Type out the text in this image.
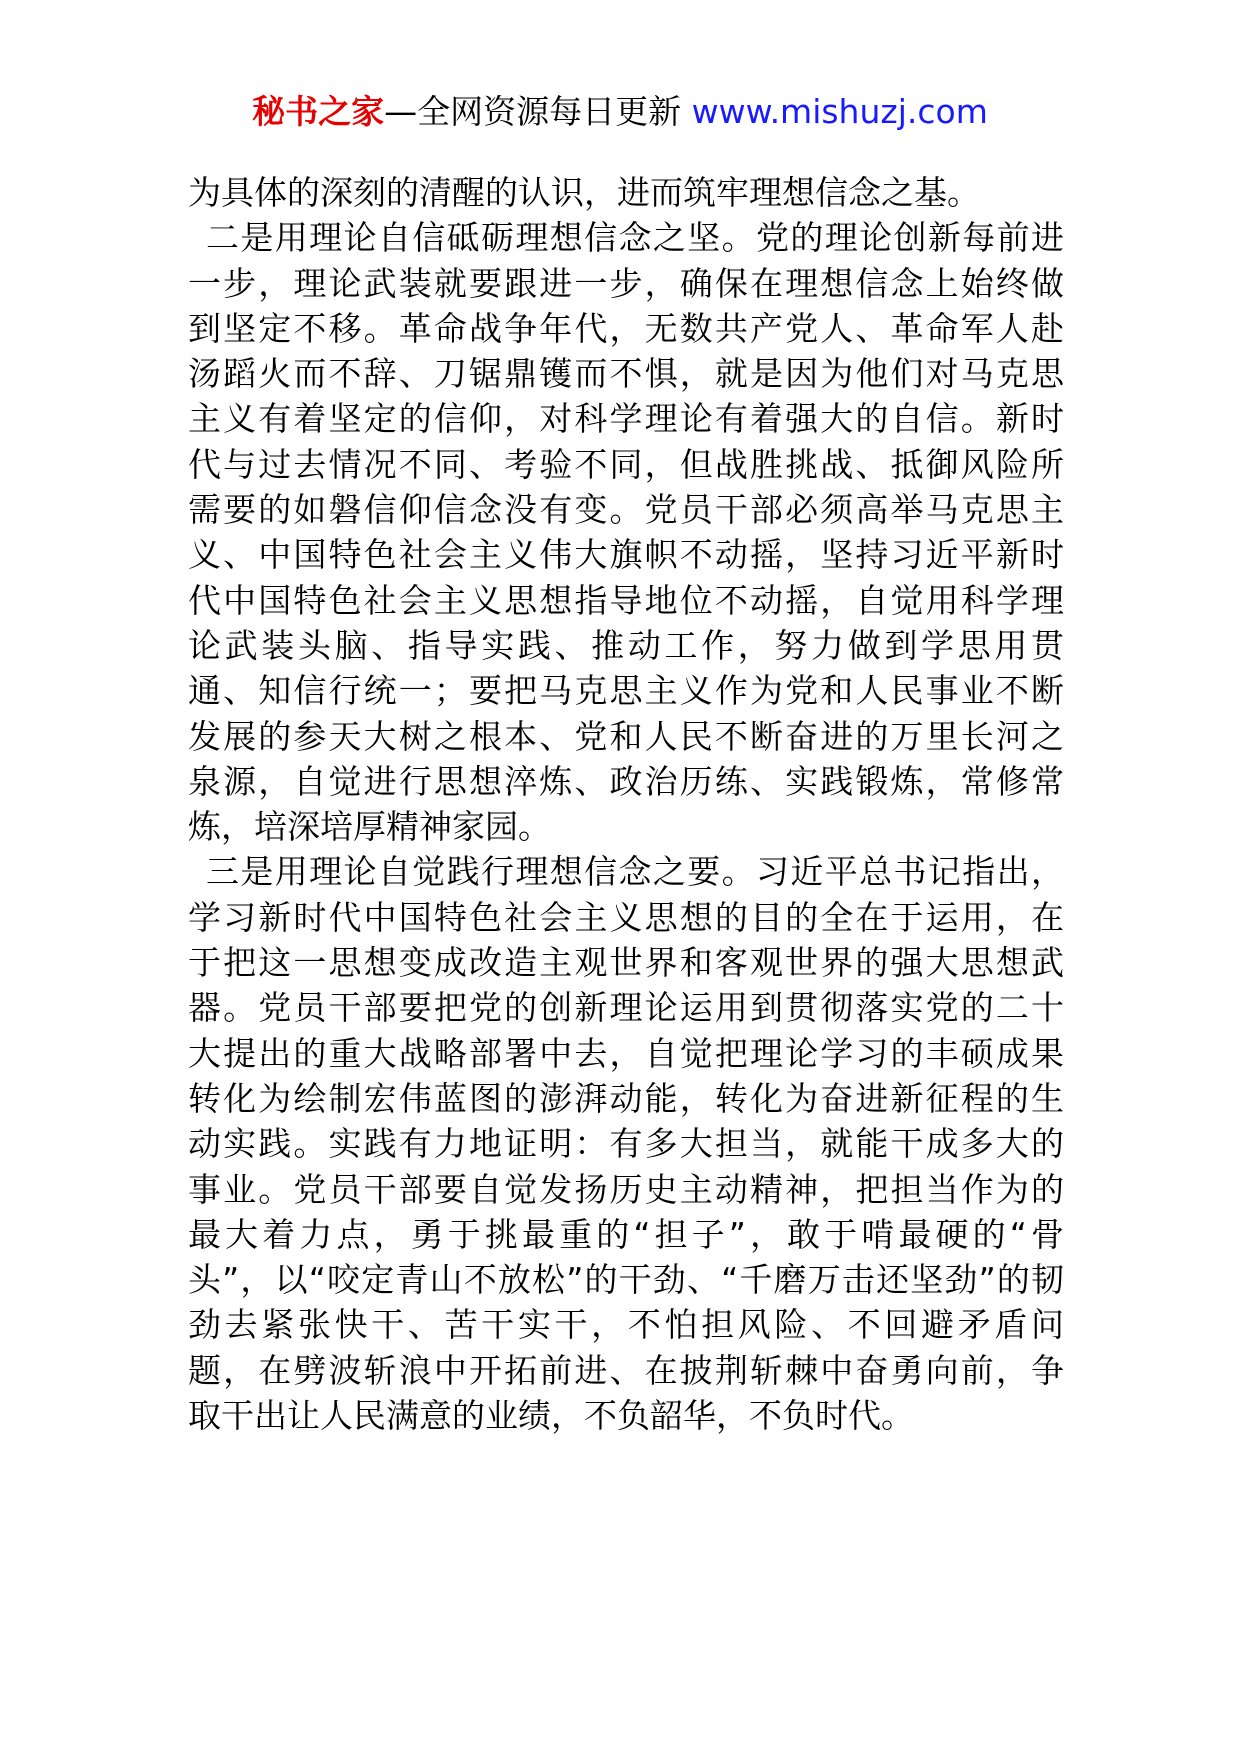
秘书之家—全网资源每日更新 www.mishuzj.com
为具体的深刻的清醒的认识，进而筑牢理想信念之基。
二是用理论自信砥砺理想信念之坚。党的理论创新每前进
一步，理论武装就要跟进一步，确保在理想信念上始终做
到坚定不移。革命战争年代，无数共产党人、革命军人赴
汤蹈火而不辞、刀锯鼎镬而不惧，就是因为他们对马克思
主义有着坚定的信仰，对科学理论有着强大的自信。新时
代与过去情况不同、考验不同，但战胜挑战、抵御风险所
需要的如磐信仰信念没有变。党员干部必须高举马克思主
义、中国特色社会主义伟大旗帜不动摇，坚持习近平新时
代中国特色社会主义思想指导地位不动摇，自觉用科学理
论武装头脑、指导实践、推动工作，努力做到学思用贯
通、知信行统一；要把马克思主义作为党和人民事业不断
发展的参天大树之根本、党和人民不断奋进的万里长河之
泉源，自觉进行思想淬炼、政治历练、实践锻炼，常修常
炼，培深培厚精神家园。
三是用理论自觉践行理想信念之要。习近平总书记指出，
学习新时代中国特色社会主义思想的目的全在于运用，在
于把这一思想变成改造主观世界和客观世界的强大思想武
器。党员干部要把党的创新理论运用到贯彻落实党的二十
大提出的重大战略部署中去，自觉把理论学习的丰硕成果
转化为绘制宏伟蓝图的澎湃动能，转化为奋进新征程的生
动实践。实践有力地证明：有多大担当，就能干成多大的
事业。党员干部要自觉发扬历史主动精神，把担当作为的
最大着力点，勇于挑最重的“担子”，敢于啃最硬的“骨
头”，以“咬定青山不放松”的干劲、“千磨万击还坚劲”的韧
劲去紧张快干、苦干实干，不怕担风险、不回避矛盾问
题，在劈波斩浪中开拓前进、在披荆斩棘中奋勇向前，争
取干出让人民满意的业绩，不负韶华，不负时代。
